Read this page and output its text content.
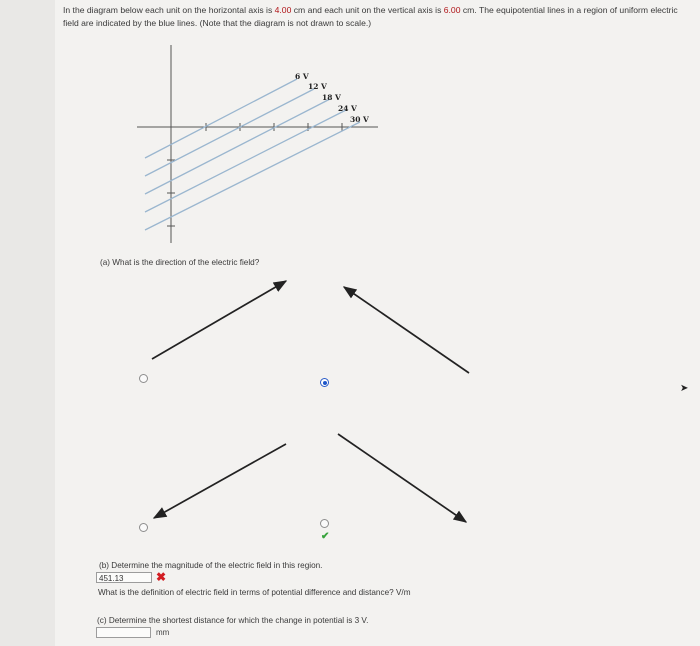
In the diagram below each unit on the horizontal axis is 4.00 cm and each unit on the vertical axis is 6.00 cm. The equipotential lines in a region of uniform electric field are indicated by the blue lines. (Note that the diagram is not drawn to scale.)
6 V
12 V
18 V
24 V
30 V
(a) What is the direction of the electric field?
✔
(b) Determine the magnitude of the electric field in this region.
451.13	✖
What is the definition of electric field in terms of potential difference and distance? V/m
(c) Determine the shortest distance for which the change in potential is 3 V.
mm
➤
